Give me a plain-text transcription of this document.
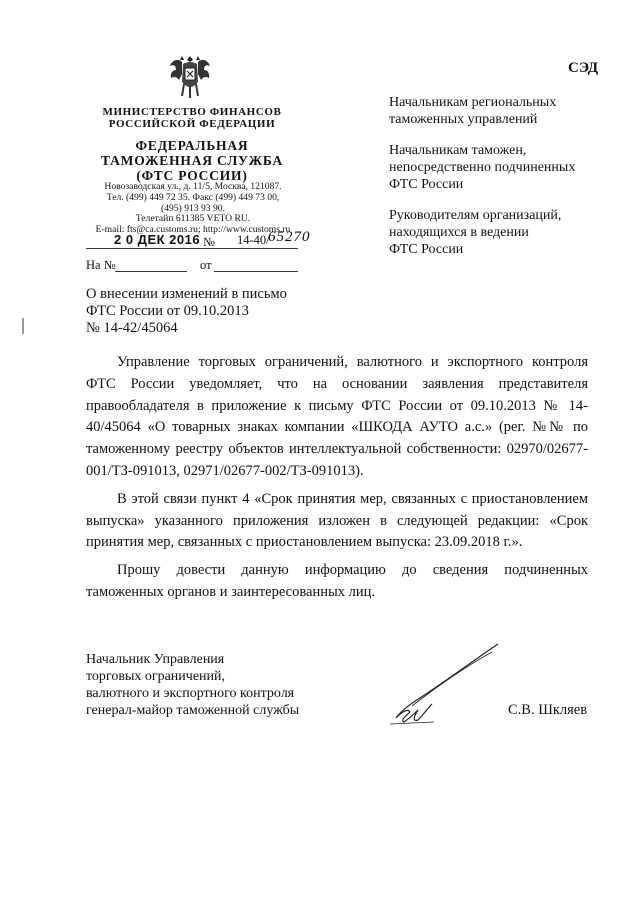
СЭД
МИНИСТЕРСТВО ФИНАНСОВ
РОССИЙСКОЙ ФЕДЕРАЦИИ
ФЕДЕРАЛЬНАЯ
ТАМОЖЕННАЯ СЛУЖБА
(ФТС РОССИИ)
Новозаводская ул., д. 11/5, Москва, 121087.
Тел. (499) 449 72 35. Факс (499) 449 73 00,
(495) 913 93 90.
Телетайп 611385 VETO RU.
E-mail: fts@ca.customs.ru; http://www.customs.ru
2 0 ДЕК 2016 № 14-40/
65270
На №	от
Начальникам региональных
таможенных управлений
Начальникам таможен,
непосредственно подчиненных
ФТС России
Руководителям организаций,
находящихся в ведении
ФТС России
О внесении изменений в письмо
ФТС России от 09.10.2013
№ 14-42/45064

Управление торговых ограничений, валютного и экспортного контроля ФТС России уведомляет, что на основании заявления представителя правообладателя в приложение к письму ФТС России от 09.10.2013 № 14-40/45064 «О товарных знаках компании «ШКОДА АУТО а.с.» (рег. №№ по таможенному реестру объектов интеллектуальной собственности: 02970/02677-001/ТЗ-091013, 02971/02677-002/ТЗ-091013).

В этой связи пункт 4 «Срок принятия мер, связанных с приостановлением выпуска» указанного приложения изложен в следующей редакции: «Срок принятия мер, связанных с приостановлением выпуска: 23.09.2018 г.».

Прошу довести данную информацию до сведения подчиненных таможенных органов и заинтересованных лиц.

Начальник Управления
торговых ограничений,
валютного и экспортного контроля
генерал-майор таможенной службы	С.В. Шкляев
